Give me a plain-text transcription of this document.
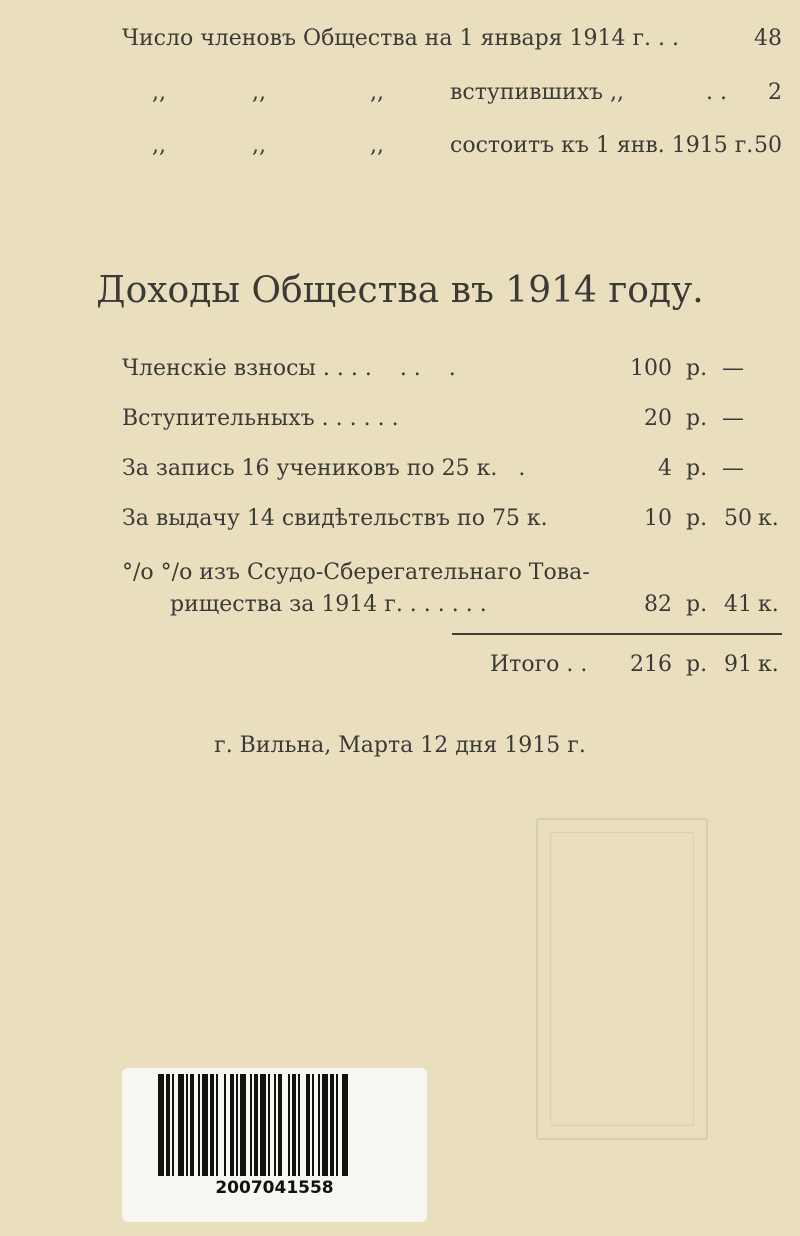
Число членовъ Общества на 1 января 1914 г. . .	48
,,	,,	,,	вступившихъ ,,	. . 2
,,	,,	,,	состоитъ къ 1 янв. 1915 г. 50
Доходы Общества въ 1914 году.
Членскіе взносы . . . .    . .    .	100 р. —
Вступительныхъ . . . . . .	20 р. —
За запись 16 учениковъ по 25 к.   .	4 р. —
За выдачу 14 свидѣтельствъ по 75 к.	10 р. 50 к.
°/о °/о изъ Ссудо-Сберегательнаго Това-
рищества за 1914 г. . . . . . .	82 р. 41 к.
Итого . . 216 р. 91 к.
г. Вильна, Марта 12 дня 1915 г.
2007041558
